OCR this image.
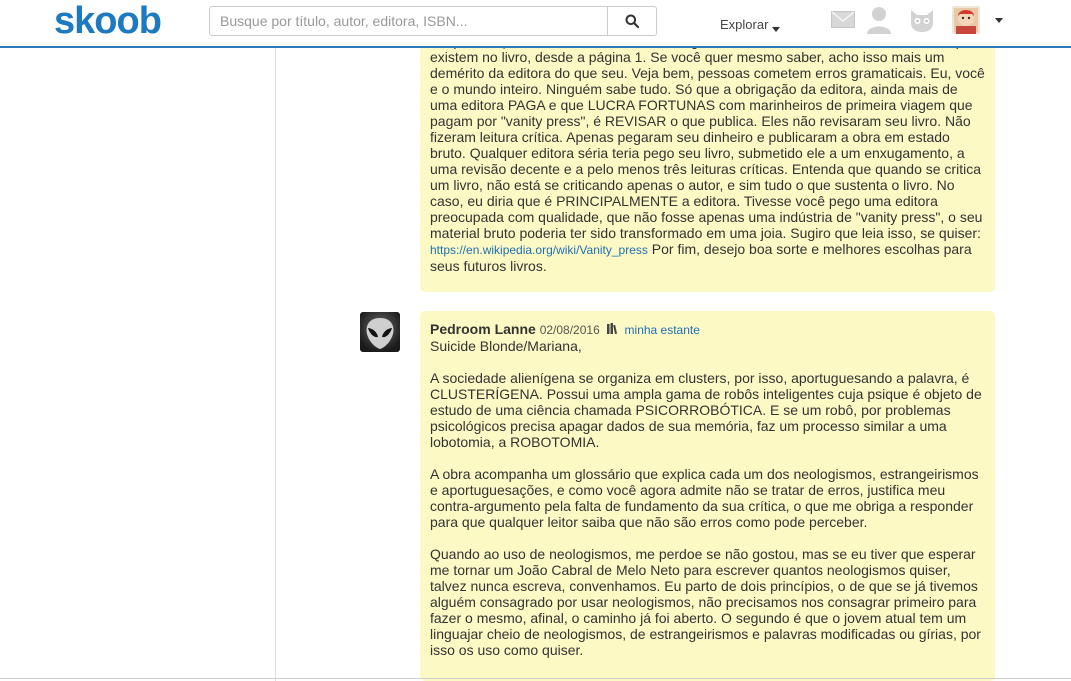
skoob
Busque por título, autor, editora, ISBN...	Explorar
existem no livro, desde a página 1. Se você quer mesmo saber, acho isso mais um demérito da editora do que seu. Veja bem, pessoas cometem erros gramaticais. Eu, você e o mundo inteiro. Ninguém sabe tudo. Só que a obrigação da editora, ainda mais de uma editora PAGA e que LUCRA FORTUNAS com marinheiros de primeira viagem que pagam por "vanity press", é REVISAR o que publica. Eles não revisaram seu livro. Não fizeram leitura crítica. Apenas pegaram seu dinheiro e publicaram a obra em estado bruto. Qualquer editora séria teria pego seu livro, submetido ele a um enxugamento, a uma revisão decente e a pelo menos três leituras críticas. Entenda que quando se critica um livro, não está se criticando apenas o autor, e sim tudo o que sustenta o livro. No caso, eu diria que é PRINCIPALMENTE a editora. Tivesse você pego uma editora preocupada com qualidade, que não fosse apenas uma indústria de "vanity press", o seu material bruto poderia ter sido transformado em uma joia. Sugiro que leia isso, se quiser: https://en.wikipedia.org/wiki/Vanity_press Por fim, desejo boa sorte e melhores escolhas para seus futuros livros.
Pedroom Lanne 02/08/2016 minha estante
Suicide Blonde/Mariana,
A sociedade alienígena se organiza em clusters, por isso, aportuguesando a palavra, é CLUSTERÍGENA. Possui uma ampla gama de robôs inteligentes cuja psique é objeto de estudo de uma ciência chamada PSICORROBÓTICA. E se um robô, por problemas psicológicos precisa apagar dados de sua memória, faz um processo similar a uma lobotomia, a ROBOTOMIA.
A obra acompanha um glossário que explica cada um dos neologismos, estrangeirismos e aportuguesações, e como você agora admite não se tratar de erros, justifica meu contra-argumento pela falta de fundamento da sua crítica, o que me obriga a responder para que qualquer leitor saiba que não são erros como pode perceber.
Quando ao uso de neologismos, me perdoe se não gostou, mas se eu tiver que esperar me tornar um João Cabral de Melo Neto para escrever quantos neologismos quiser, talvez nunca escreva, convenhamos. Eu parto de dois princípios, o de que se já tivemos alguém consagrado por usar neologismos, não precisamos nos consagrar primeiro para fazer o mesmo, afinal, o caminho já foi aberto. O segundo é que o jovem atual tem um linguajar cheio de neologismos, de estrangeirismos e palavras modificadas ou gírias, por isso os uso como quiser.
